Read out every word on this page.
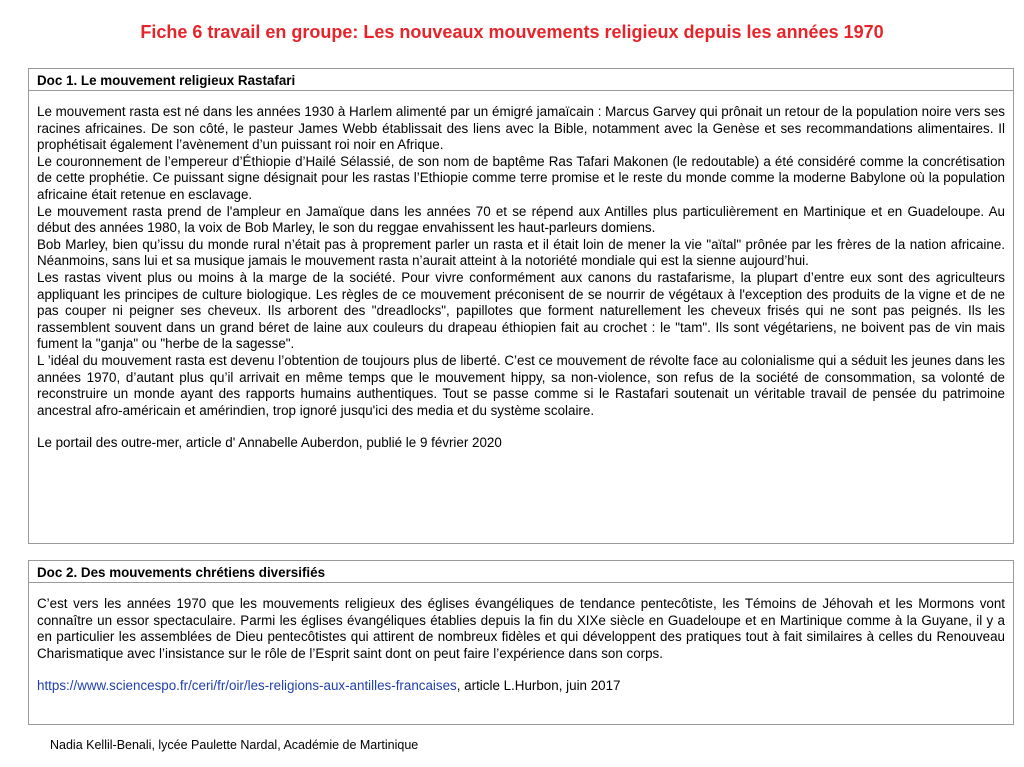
Fiche 6 travail en groupe: Les nouveaux mouvements religieux depuis les années 1970
Doc 1. Le mouvement religieux Rastafari

Le mouvement rasta est né dans les années 1930 à Harlem alimenté par un émigré jamaïcain : Marcus Garvey qui prônait un retour de la population noire vers ses racines africaines. De son côté, le pasteur James Webb établissait des liens avec la Bible, notamment avec la Genèse et ses recommandations alimentaires. Il prophétisait également l’avènement d’un puissant roi noir en Afrique.

Le couronnement de l’empereur d’Éthiopie d’Hailé Sélassié, de son nom de baptême Ras Tafari Makonen (le redoutable) a été considéré comme la concrétisation de cette prophétie. Ce puissant signe désignait pour les rastas l’Ethiopie comme terre promise et le reste du monde comme la moderne Babylone où la population africaine était retenue en esclavage.

Le mouvement rasta prend de l'ampleur en Jamaïque dans les années 70 et se répend aux Antilles plus particulièrement en Martinique et en Guadeloupe. Au début des années 1980, la voix de Bob Marley, le son du reggae envahissent les haut-parleurs domiens.

Bob Marley, bien qu’issu du monde rural n’était pas à proprement parler un rasta et il était loin de mener la vie "aïtal" prônée par les frères de la nation africaine. Néanmoins, sans lui et sa musique jamais le mouvement rasta n’aurait atteint à la notoriété mondiale qui est la sienne aujourd’hui.

Les rastas vivent plus ou moins à la marge de la société. Pour vivre conformément aux canons du rastafarisme, la plupart d’entre eux sont des agriculteurs appliquant les principes de culture biologique. Les règles de ce mouvement préconisent de se nourrir de végétaux à l'exception des produits de la vigne et de ne pas couper ni peigner ses cheveux. Ils arborent des "dreadlocks", papillotes que forment naturellement les cheveux frisés qui ne sont pas peignés. Ils les rassemblent souvent dans un grand béret de laine aux couleurs du drapeau éthiopien fait au crochet : le "tam". Ils sont végétariens, ne boivent pas de vin mais fument la "ganja" ou "herbe de la sagesse".

L ’idéal du mouvement rasta est devenu l’obtention de toujours plus de liberté. C’est ce mouvement de révolte face au colonialisme qui a séduit les jeunes dans les années 1970, d’autant plus qu’il arrivait en même temps que le mouvement hippy, sa non-violence, son refus de la société de consommation, sa volonté de reconstruire un monde ayant des rapports humains authentiques. Tout se passe comme si le Rastafari soutenait un véritable travail de pensée du patrimoine ancestral afro-américain et amérindien, trop ignoré jusqu'ici des media et du système scolaire.

Le portail des outre-mer, article d' Annabelle Auberdon, publié le 9 février 2020

Doc 2. Des mouvements chrétiens diversifiés

C’est vers les années 1970 que les mouvements religieux des églises évangéliques de tendance pentecôtiste, les Témoins de Jéhovah et les Mormons vont connaître un essor spectaculaire. Parmi les églises évangéliques établies depuis la fin du XIXe siècle en Guadeloupe et en Martinique comme à la Guyane, il y a en particulier les assemblées de Dieu pentecôtistes qui attirent de nombreux fidèles et qui développent des pratiques tout à fait similaires à celles du Renouveau Charismatique avec l’insistance sur le rôle de l’Esprit saint dont on peut faire l’expérience dans son corps.

https://www.sciencespo.fr/ceri/fr/oir/les-religions-aux-antilles-francaises, article L.Hurbon, juin 2017

Nadia Kellil-Benali, lycée Paulette Nardal, Académie de Martinique
